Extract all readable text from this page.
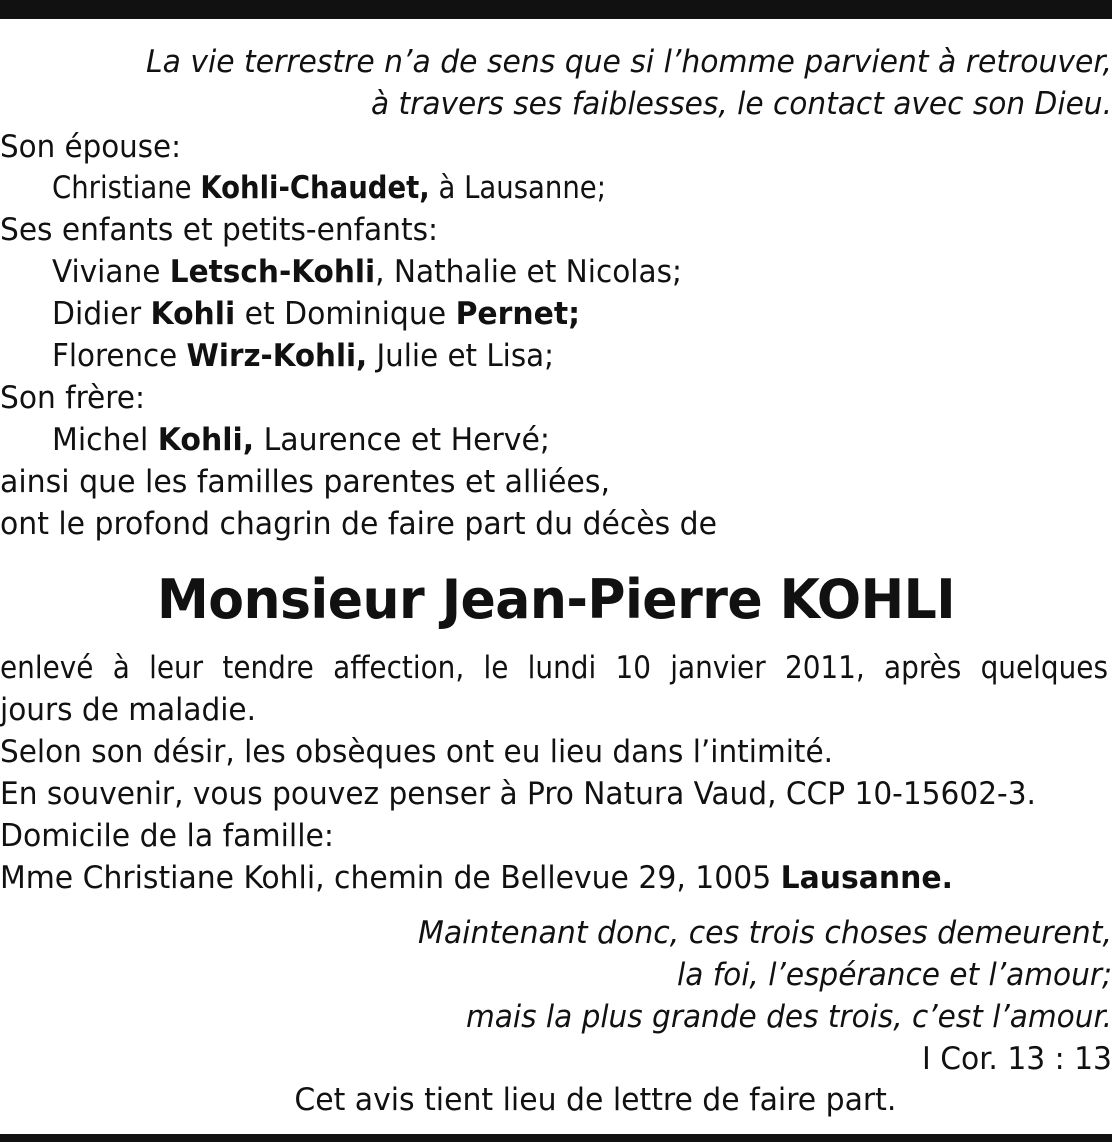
La vie terrestre n’a de sens que si l’homme parvient à retrouver,
à travers ses faiblesses, le contact avec son Dieu.
Son épouse:
Christiane Kohli-Chaudet, à Lausanne;
Ses enfants et petits-enfants:
Viviane Letsch-Kohli, Nathalie et Nicolas;
Didier Kohli et Dominique Pernet;
Florence Wirz-Kohli, Julie et Lisa;
Son frère:
Michel Kohli, Laurence et Hervé;
ainsi que les familles parentes et alliées,
ont le profond chagrin de faire part du décès de
Monsieur Jean-Pierre KOHLI
enlevé à leur tendre affection, le lundi 10 janvier 2011, après quelques
jours de maladie.
Selon son désir, les obsèques ont eu lieu dans l’intimité.
En souvenir, vous pouvez penser à Pro Natura Vaud, CCP 10-15602-3.
Domicile de la famille:
Mme Christiane Kohli, chemin de Bellevue 29, 1005 Lausanne.
Maintenant donc, ces trois choses demeurent,
la foi, l’espérance et l’amour;
mais la plus grande des trois, c’est l’amour.
I Cor. 13 : 13
Cet avis tient lieu de lettre de faire part.
